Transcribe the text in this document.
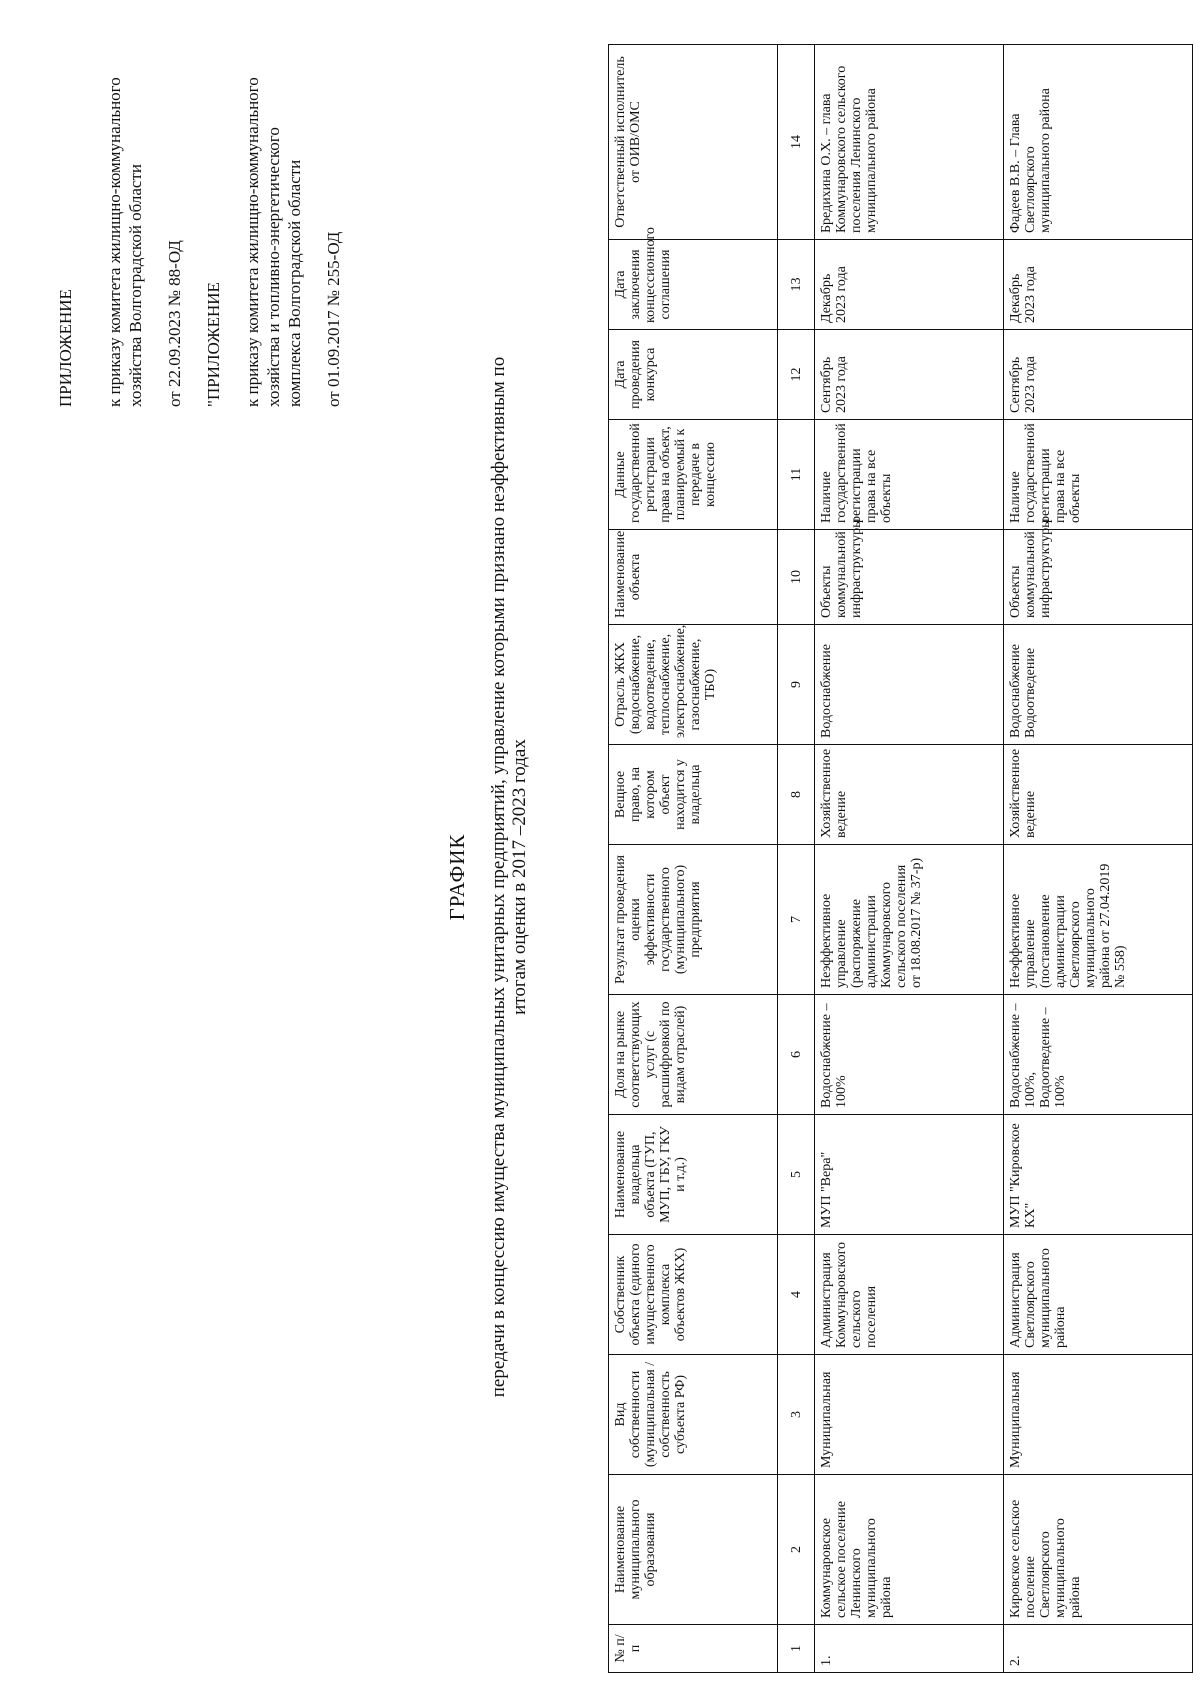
ПРИЛОЖЕНИЕ к приказу комитета жилищно-коммунального хозяйства Волгоградской области от 22.09.2023 № 88-ОД "ПРИЛОЖЕНИЕ к приказу комитета жилищно-коммунального хозяйства и топливно-энергетического комплекса Волгоградской области от 01.09.2017 № 255-ОД
ГРАФИК передачи в концессию имущества муниципальных унитарных предприятий, управление которыми признано неэффективным по итогам оценки в 2017 –2023 годах
№ п/п	Наименование муниципального образования	Вид собственности (муниципальная /собственность субъекта РФ)	Собственник объекта (единого имущественного комплекса объектов ЖКХ)	Наименование владельца объекта (ГУП, МУП, ГБУ, ГКУ и т.д.)	Доля на рынке соответствующих услуг (с расшифровкой по видам отраслей)	Результат проведения оценки эффективности государственного (муниципального) предприятия	Вещное право, на котором объект находится у владельца	Отрасль ЖКХ (водоснабжение, водоотведение, теплоснабжение, электроснабжение, газоснабжение, ТБО)	Наименование объекта	Данные государственной регистрации права на объект, планируемый к передаче в концессию	Дата проведения конкурса	Дата заключения концессионного соглашения	Ответственный исполнитель от ОИВ/ОМС
1	2	3	4	5	6	7	8	9	10	11	12	13	14
1.	Коммунаровское сельское поселение Ленинского муниципального района	Муниципальная	Администрация Коммунаровского сельского поселения	МУП "Вера"	Водоснабжение – 100%	Неэффективное управление (распоряжение администрации Коммунаровского сельского поселения от 18.08.2017 № 37-р)	Хозяйственное ведение	Водоснабжение	Объекты коммунальной инфраструктуры	Наличие государственной регистрации права на все объекты	Сентябрь 2023 года	Декабрь 2023 года	Бредихина О.Х. – глава Коммунаровского сельского поселения Ленинского муниципального района
2.	Кировское сельское поселение Светлоярского муниципального района	Муниципальная	Администрация Светлоярского муниципального района	МУП "Кировское КХ"	Водоснабжение – 100%, Водоотведение – 100%	Неэффективное управление (постановление администрации Светлоярского муниципального района от 27.04.2019 № 558)	Хозяйственное ведение	Водоснабжение Водоотведение	Объекты коммунальной инфраструктуры	Наличие государственной регистрации права на все объекты	Сентябрь 2023 года	Декабрь 2023 года	Фадеев В.В. – Глава Светлоярского муниципального района
